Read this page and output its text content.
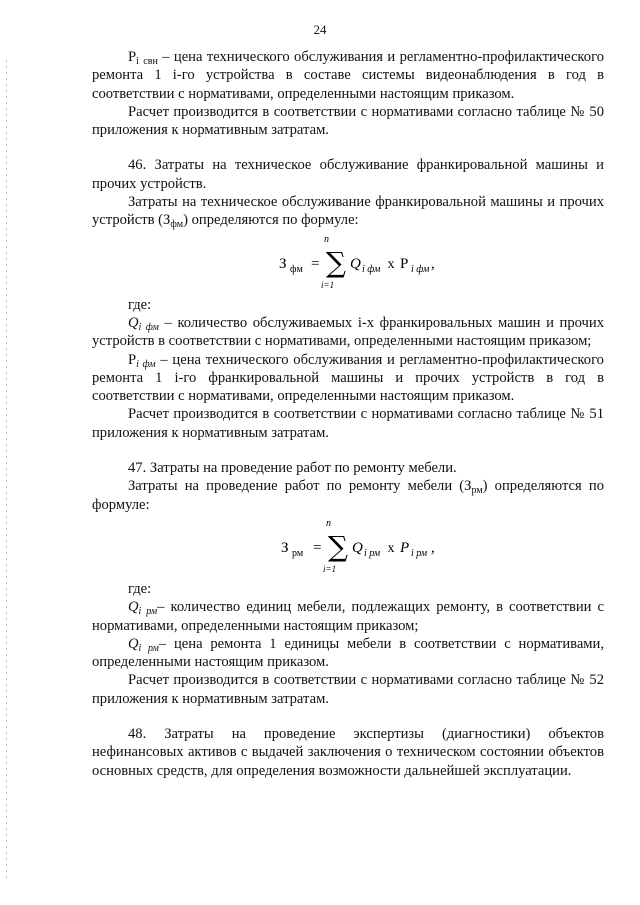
24

$P_i$ $_{свн}$ – цена технического обслуживания и регламентно-профилактического ремонта 1 i-го устройства в составе системы видеонаблюдения в год в соответствии с нормативами, определенными настоящим приказом.

Расчет производится в соответствии с нормативами согласно таблице № 50 приложения к нормативным затратам.

46. Затраты на техническое обслуживание франкировальной машины и прочих устройств.

Затраты на техническое обслуживание франкировальной машины и прочих устройств $(З_{фм})$ определяются по формуле:

З фм =
n
∑
i=1
Q i фм x P i фм ,

где:

$Q_{i фм}$ – количество обслуживаемых i-х франкировальных машин и прочих устройств в соответствии с нормативами, определенными настоящим приказом;

$P_{i фм}$ – цена технического обслуживания и регламентно-профилактического ремонта 1 i-го франкировальной машины и прочих устройств в год в соответствии с нормативами, определенными настоящим приказом.

Расчет производится в соответствии с нормативами согласно таблице № 51 приложения к нормативным затратам.

47. Затраты на проведение работ по ремонту мебели.

Затраты на проведение работ по ремонту мебели $(З_{рм})$ определяются по формуле:

З рм =
n
∑
i=1
Q i рм x P i рм ,

где:

$Q_{i рм}-$ количество единиц мебели, подлежащих ремонту, в соответствии с нормативами, определенными настоящим приказом;

$Q_{i рм}-$ цена ремонта 1 единицы мебели в соответствии с нормативами, определенными настоящим приказом.

Расчет производится в соответствии с нормативами согласно таблице № 52 приложения к нормативным затратам.

48. Затраты на проведение экспертизы (диагностики) объектов нефинансовых активов с выдачей заключения о техническом состоянии объектов основных средств, для определения возможности дальнейшей эксплуатации.
